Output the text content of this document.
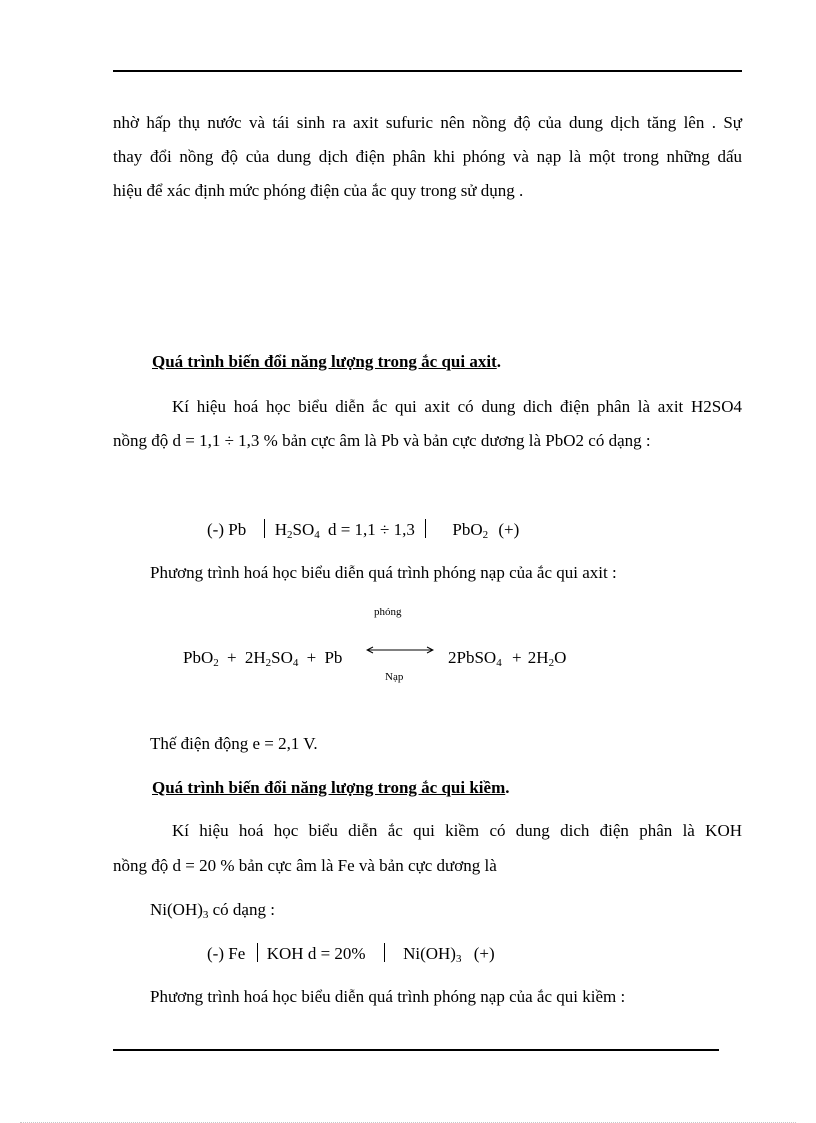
nhờ hấp thụ nước và tái sinh ra axit sufuric nên nồng độ của dung dịch tăng lên . Sự
thay đổi nồng độ của dung dịch điện phân khi phóng và nạp là một trong những dấu
hiệu để xác định mức phóng điện của ắc quy trong sử dụng .
Quá trình biến đổi năng lượng trong ắc qui axit.
Kí hiệu hoá học biểu diễn ắc qui axit có dung dich điện phân là axit H2SO4
nồng độ d = 1,1 ÷ 1,3 % bản cực âm là Pb và bản cực dương là PbO2 có dạng :
(-) Pb $H_2SO_4$ d = 1,1 ÷ 1,3 PbO$_2$ (+)
Phương trình hoá học biểu diễn quá trình phóng nạp của ắc qui axit :
phóng
$PbO_2 + 2H_2SO_4 + Pb$	2PbSO$_4$ + $2H_2O$
Nạp
Thế điện động e = 2,1 V.
Quá trình biến đổi năng lượng trong ắc qui kiềm.
Kí hiệu hoá học biểu diễn ắc qui kiềm có dung dich điện phân là KOH
nồng độ d = 20 % bản cực âm là Fe và bản cực dương là
$Ni(OH)_3$ có dạng :
(-) Fe KOH d = 20% $Ni(OH)_3$ (+)
Phương trình hoá học biểu diễn quá trình phóng nạp của ắc qui kiềm :
